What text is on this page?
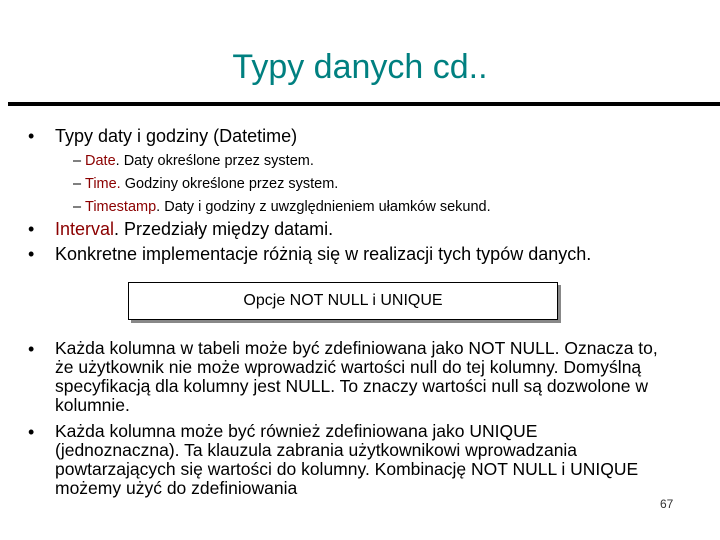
Typy danych cd..
• Typy daty i godziny (Datetime)
– Date. Daty określone przez system.
– Time. Godziny określone przez system.
– Timestamp. Daty i godziny z uwzględnieniem ułamków sekund.
• Interval. Przedziały między datami.
• Konkretne implementacje różnią się w realizacji tych typów danych.
Opcje NOT NULL i UNIQUE
• Każda kolumna w tabeli może być zdefiniowana jako NOT NULL. Oznacza to, że użytkownik nie może wprowadzić wartości null do tej kolumny. Domyślną specyfikacją dla kolumny jest NULL. To znaczy wartości null są dozwolone w kolumnie.
• Każda kolumna może być również zdefiniowana jako UNIQUE (jednoznaczna). Ta klauzula zabrania użytkownikowi wprowadzania powtarzających się wartości do kolumny. Kombinację NOT NULL i UNIQUE możemy użyć do zdefiniowania
67
